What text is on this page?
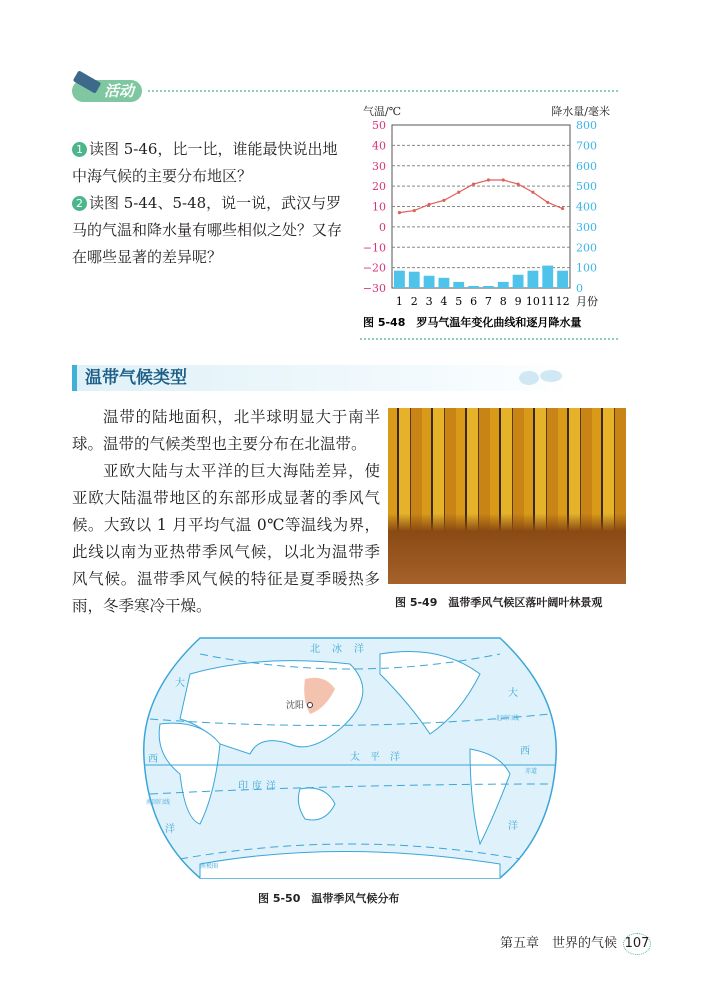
活动
1 读图 5-46，比一比，谁能最快说出地中海气候的主要分布地区？
2 读图 5-44、5-48，说一说，武汉与罗马的气温和降水量有哪些相似之处？又存在哪些显著的差异呢？
50	800
40	700
30	600
20	500
10	400
0	300
−10	200
−20	100
−30	0
气温/℃	降水量/毫米
1 2 3 4 5 6 7 8 9 10 11 12 月份
图 5-48　罗马气温年变化曲线和逐月降水量
温带气候类型
温带的陆地面积，北半球明显大于南半球。温带的气候类型也主要分布在北温带。
亚欧大陆与太平洋的巨大海陆差异，使亚欧大陆温带地区的东部形成显著的季风气候。大致以 1 月平均气温 0℃等温线为界，此线以南为亚热带季风气候，以北为温带季风气候。温带季风气候的特征是夏季暖热多雨，冬季寒冷干燥。	图 5-49　温带季风气候区落叶阔叶林景观
北冰洋
大
西
洋
大
西
洋
太　平　洋
印度洋
北回归线
赤道
南回归线
南极圈
沈阳
图 5-50　温带季风气候分布
第五章　世界的气候 107
